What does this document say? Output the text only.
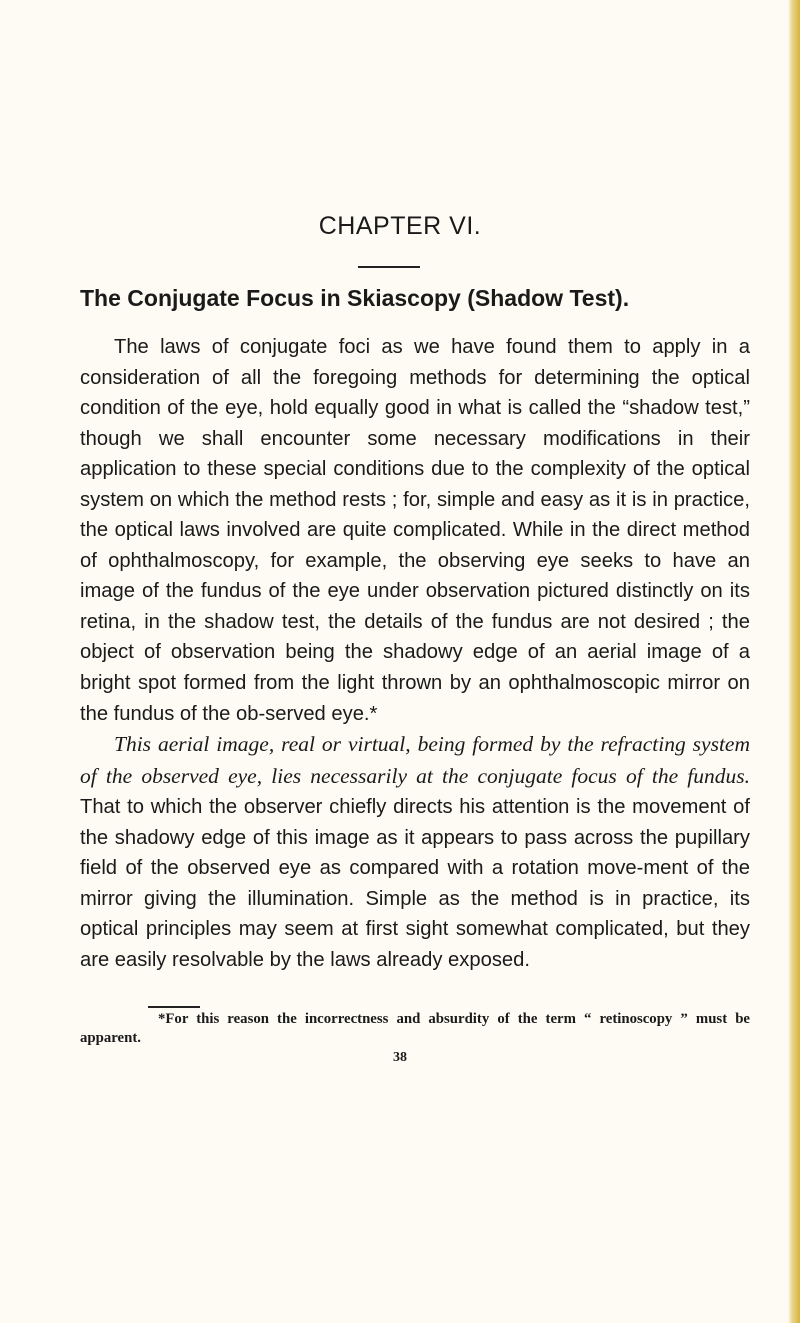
CHAPTER VI.
The Conjugate Focus in Skiascopy (Shadow Test).

The laws of conjugate foci as we have found them to apply in a consideration of all the foregoing methods for determining the optical condition of the eye, hold equally good in what is called the “shadow test,” though we shall encounter some necessary modifications in their application to these special conditions due to the complexity of the optical system on which the method rests ; for, simple and easy as it is in practice, the optical laws involved are quite complicated. While in the direct method of ophthalmoscopy, for example, the observing eye seeks to have an image of the fundus of the eye under observation pictured distinctly on its retina, in the shadow test, the details of the fundus are not desired ; the object of observation being the shadowy edge of an aerial image of a bright spot formed from the light thrown by an ophthalmoscopic mirror on the fundus of the ob-served eye.*

This aerial image, real or virtual, being formed by the refracting system of the observed eye, lies necessarily at the conjugate focus of the fundus. That to which the observer chiefly directs his attention is the movement of the shadowy edge of this image as it appears to pass across the pupillary field of the observed eye as compared with a rotation move-ment of the mirror giving the illumination. Simple as the method is in practice, its optical principles may seem at first sight somewhat complicated, but they are easily resolvable by the laws already exposed.

*For this reason the incorrectness and absurdity of the term “ retinoscopy ” must be apparent.
38
